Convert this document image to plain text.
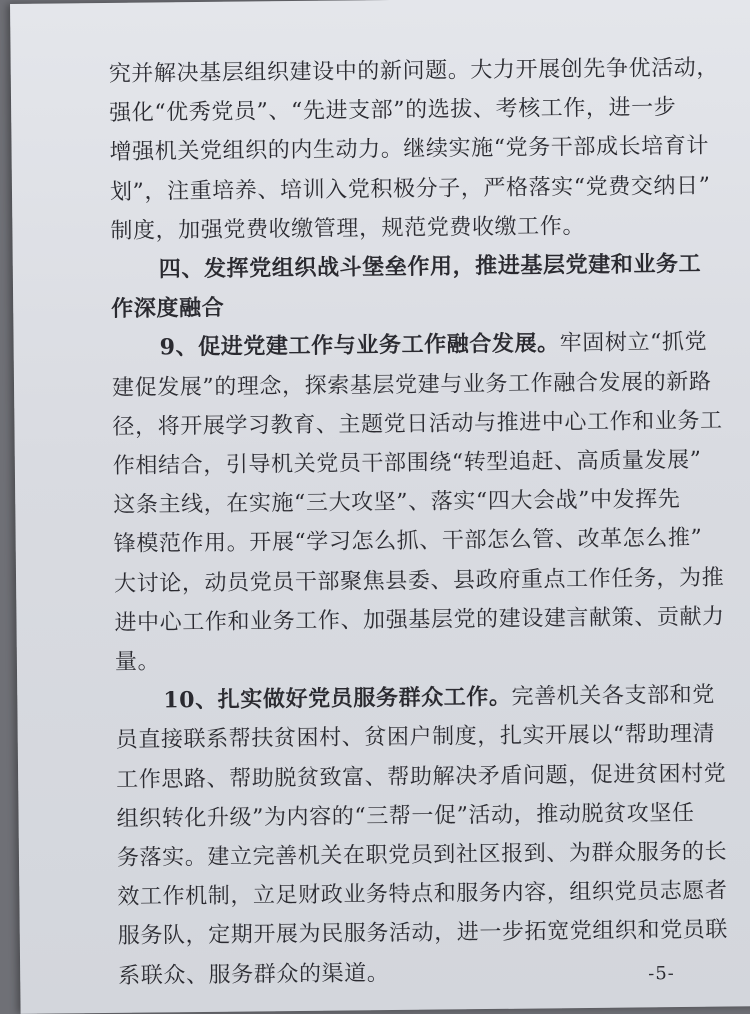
究并解决基层组织建设中的新问题。大力开展创先争优活动，
强化“优秀党员”、“先进支部”的选拔、考核工作，进一步
增强机关党组织的内生动力。继续实施“党务干部成长培育计
划”，注重培养、培训入党积极分子，严格落实“党费交纳日”
制度，加强党费收缴管理，规范党费收缴工作。
四、发挥党组织战斗堡垒作用，推进基层党建和业务工
作深度融合
9、促进党建工作与业务工作融合发展。牢固树立“抓党
建促发展”的理念，探索基层党建与业务工作融合发展的新路
径，将开展学习教育、主题党日活动与推进中心工作和业务工
作相结合，引导机关党员干部围绕“转型追赶、高质量发展”
这条主线，在实施“三大攻坚”、落实“四大会战”中发挥先
锋模范作用。开展“学习怎么抓、干部怎么管、改革怎么推”
大讨论，动员党员干部聚焦县委、县政府重点工作任务，为推
进中心工作和业务工作、加强基层党的建设建言献策、贡献力
量。
10、扎实做好党员服务群众工作。完善机关各支部和党
员直接联系帮扶贫困村、贫困户制度，扎实开展以“帮助理清
工作思路、帮助脱贫致富、帮助解决矛盾问题，促进贫困村党
组织转化升级”为内容的“三帮一促”活动，推动脱贫攻坚任
务落实。建立完善机关在职党员到社区报到、为群众服务的长
效工作机制，立足财政业务特点和服务内容，组织党员志愿者
服务队，定期开展为民服务活动，进一步拓宽党组织和党员联
系联众、服务群众的渠道。	-5-
